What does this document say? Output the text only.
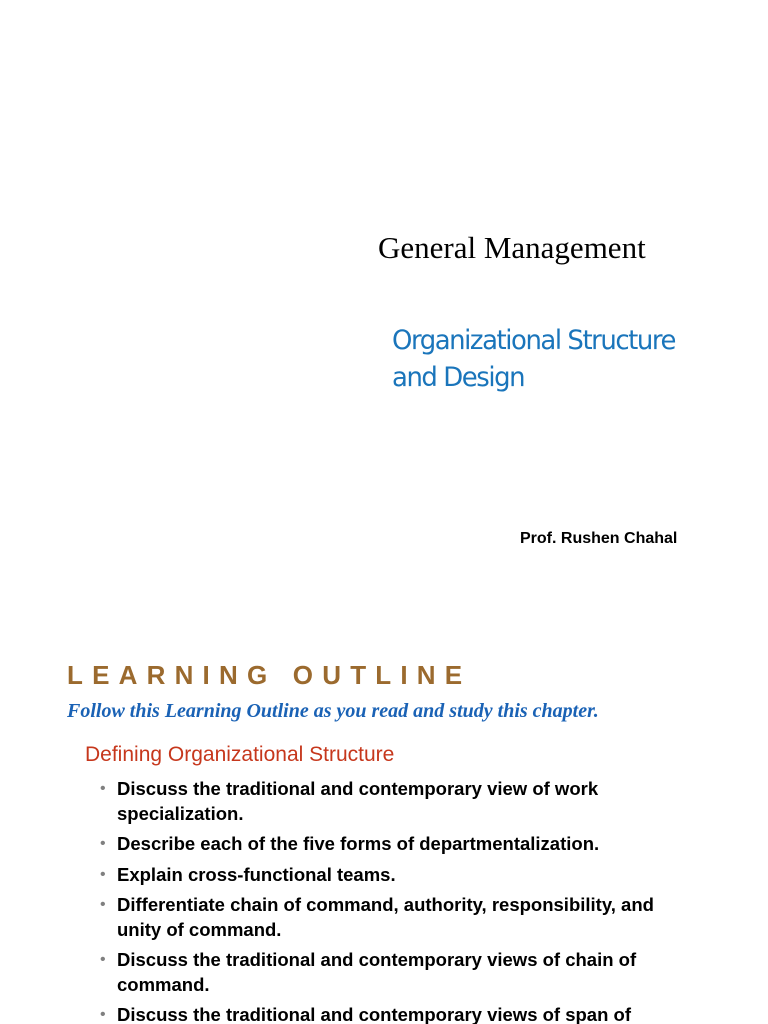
General Management
Organizational Structure
and Design
Prof. Rushen Chahal
LEARNING OUTLINE
Follow this Learning Outline as you read and study this chapter.
Defining Organizational Structure
• Discuss the traditional and contemporary view of work specialization.
• Describe each of the five forms of departmentalization.
• Explain cross-functional teams.
• Differentiate chain of command, authority, responsibility, and unity of command.
• Discuss the traditional and contemporary views of chain of command.
• Discuss the traditional and contemporary views of span of
